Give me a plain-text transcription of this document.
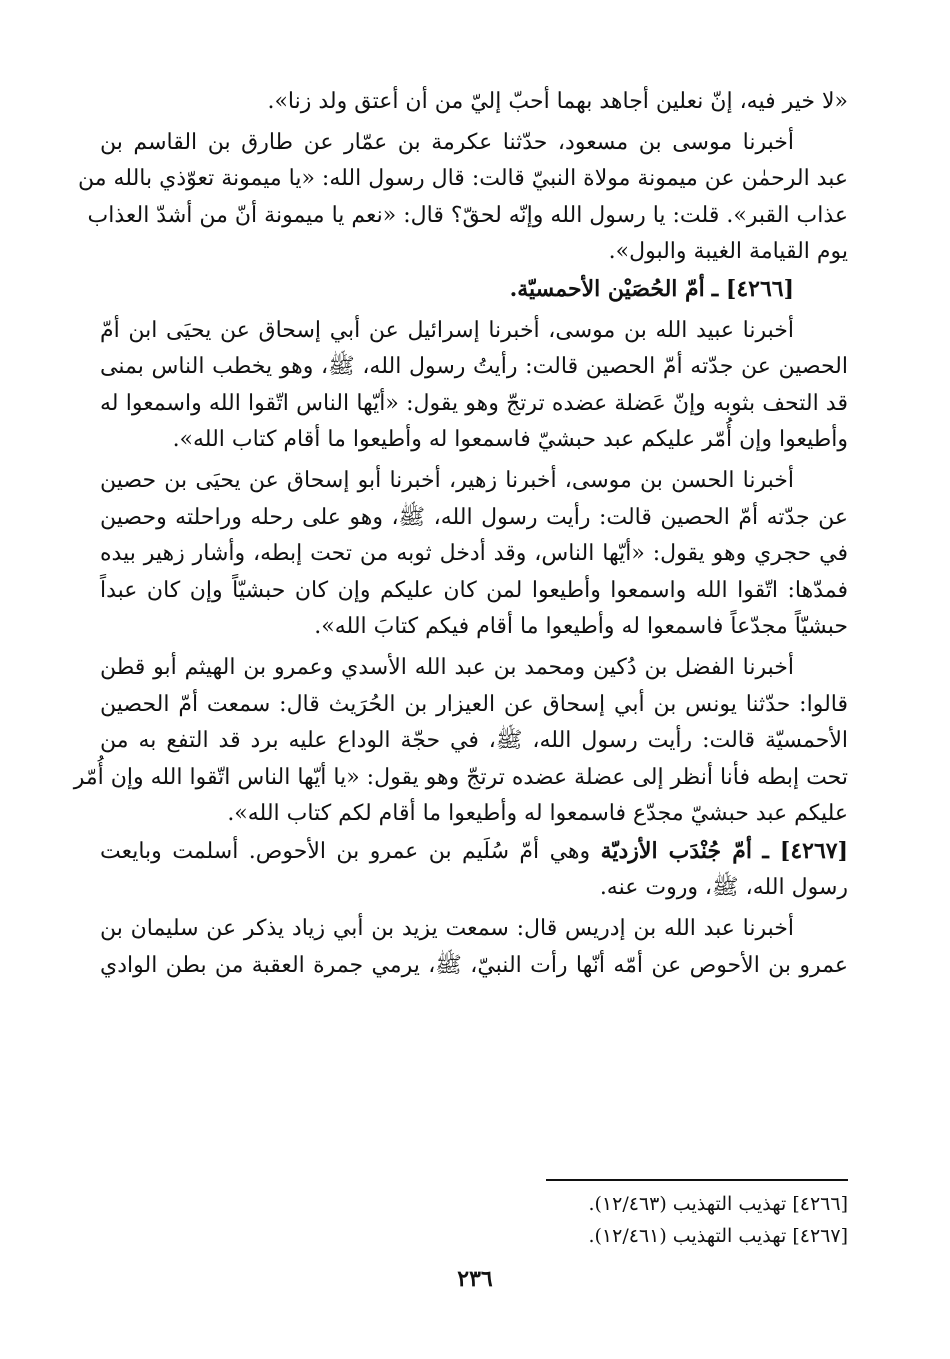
«لا خير فيه، إنّ نعلين أجاهد بهما أحبّ إليّ من أن أعتق ولد زنا».
أخبرنا موسى بن مسعود، حدّثنا عكرمة بن عمّار عن طارق بن القاسم بن
عبد الرحمٰن عن ميمونة مولاة النبيّ قالت: قال رسول الله: «يا ميمونة تعوّذي بالله من
عذاب القبر». قلت: يا رسول الله وإنّه لحقّ؟ قال: «نعم يا ميمونة أنّ من أشدّ العذاب
يوم القيامة الغيبة والبول».
[٤٢٦٦] ـ أمّ الحُصَيْن الأحمسيّة.
أخبرنا عبيد الله بن موسى، أخبرنا إسرائيل عن أبي إسحاق عن يحيَى ابن أمّ
الحصين عن جدّته أمّ الحصين قالت: رأيتُ رسول الله، ﷺ، وهو يخطب الناس بمنى
قد التحف بثوبه وإنّ عَضلة عضده ترتجّ وهو يقول: «أيّها الناس اتّقوا الله واسمعوا له
وأطيعوا وإن أُمّر عليكم عبد حبشيّ فاسمعوا له وأطيعوا ما أقام كتاب الله».
أخبرنا الحسن بن موسى، أخبرنا زهير، أخبرنا أبو إسحاق عن يحيَى بن حصين
عن جدّته أمّ الحصين قالت: رأيت رسول الله، ﷺ، وهو على رحله وراحلته وحصين
في حجري وهو يقول: «أيّها الناس، وقد أدخل ثوبه من تحت إبطه، وأشار زهير بيده
فمدّها: اتّقوا الله واسمعوا وأطيعوا لمن كان عليكم وإن كان حبشيّاً وإن كان عبداً
حبشيّاً مجدّعاً فاسمعوا له وأطيعوا ما أقام فيكم كتابَ الله».
أخبرنا الفضل بن دُكين ومحمد بن عبد الله الأسدي وعمرو بن الهيثم أبو قطن
قالوا: حدّثنا يونس بن أبي إسحاق عن العيزار بن الحُرَيث قال: سمعت أمّ الحصين
الأحمسيّة قالت: رأيت رسول الله، ﷺ، في حجّة الوداع عليه برد قد التفع به من
تحت إبطه فأنا أنظر إلى عضلة عضده ترتجّ وهو يقول: «يا أيّها الناس اتّقوا الله وإن أُمّر
عليكم عبد حبشيّ مجدّع فاسمعوا له وأطيعوا ما أقام لكم كتاب الله».
[٤٢٦٧] ـ أمّ جُنْدَب الأزديّة وهي أمّ سُلَيم بن عمرو بن الأحوص. أسلمت وبايعت
رسول الله، ﷺ، وروت عنه.
أخبرنا عبد الله بن إدريس قال: سمعت يزيد بن أبي زياد يذكر عن سليمان بن
عمرو بن الأحوص عن أمّه أنّها رأت النبيّ، ﷺ، يرمي جمرة العقبة من بطن الوادي
[٤٢٦٦] تهذيب التهذيب (١٢/٤٦٣).
[٤٢٦٧] تهذيب التهذيب (١٢/٤٦١).
٢٣٦
